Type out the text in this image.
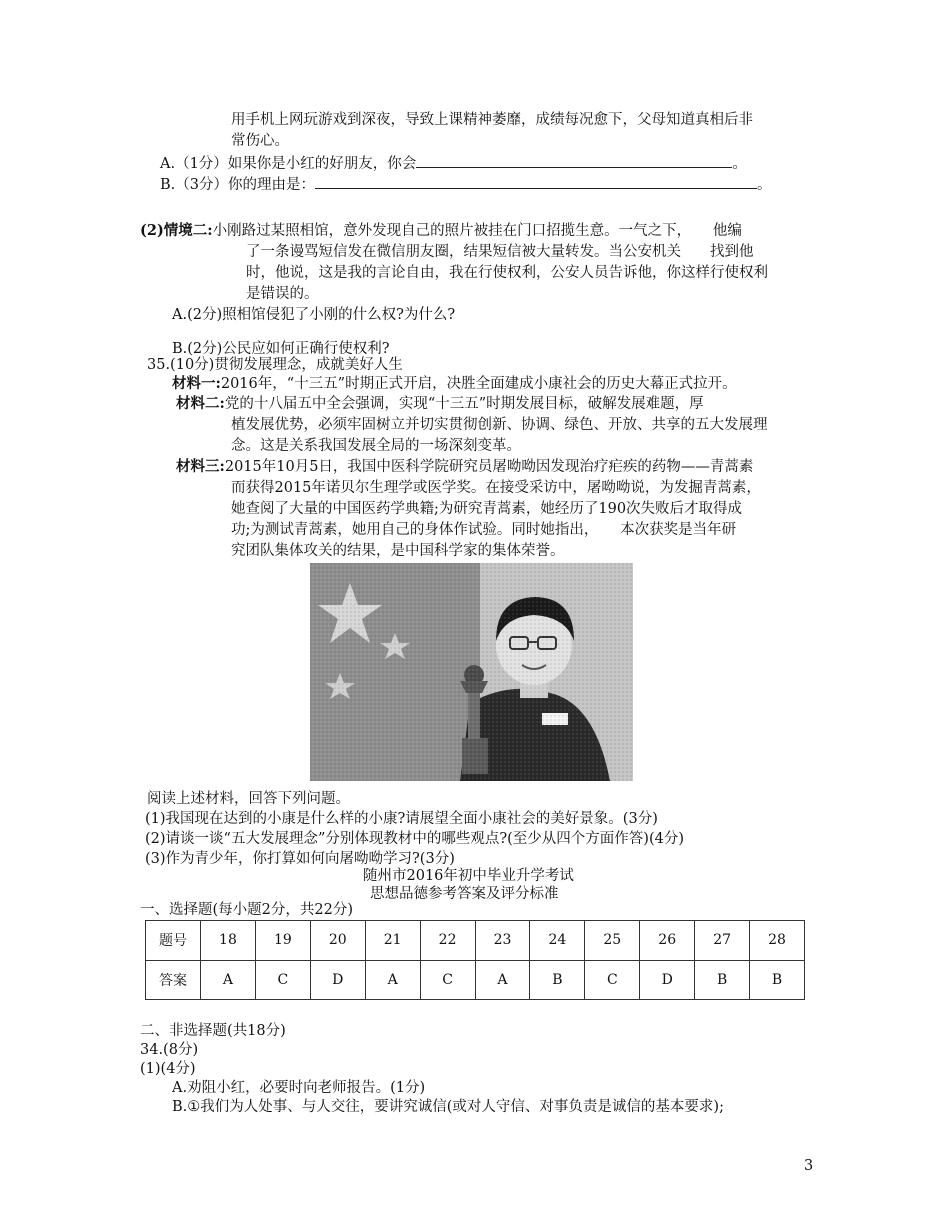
用手机上网玩游戏到深夜，导致上课精神萎靡，成绩每况愈下，父母知道真相后非
常伤心。
A.（1分）如果你是小红的好朋友，你会	。
B.（3分）你的理由是：	。
(2)情境二:小刚路过某照相馆，意外发现自己的照片被挂在门口招揽生意。一气之下，　　他编
了一条谩骂短信发在微信朋友圈，结果短信被大量转发。当公安机关　　找到他
时，他说，这是我的言论自由，我在行使权利，公安人员告诉他，你这样行使权利
是错误的。
A.(2分)照相馆侵犯了小刚的什么权?为什么?
B.(2分)公民应如何正确行使权利?
35.(10分)贯彻发展理念，成就美好人生
材料一:2016年，“十三五”时期正式开启，决胜全面建成小康社会的历史大幕正式拉开。
材料二:党的十八届五中全会强调，实现“十三五”时期发展目标，破解发展难题，厚
植发展优势，必须牢固树立并切实贯彻创新、协调、绿色、开放、共享的五大发展理
念。这是关系我国发展全局的一场深刻变革。
材料三:2015年10月5日，我国中医科学院研究员屠呦呦因发现治疗疟疾的药物——青蒿素
而获得2015年诺贝尔生理学或医学奖。在接受采访中，屠呦呦说，为发掘青蒿素，
她查阅了大量的中国医药学典籍;为研究青蒿素，她经历了190次失败后才取得成
功;为测试青蒿素，她用自己的身体作试验。同时她指出，　　本次获奖是当年研
阅读上述材料，回答下列问题。
(1)我国现在达到的小康是什么样的小康?请展望全面小康社会的美好景象。(3分)
(2)请谈一谈“五大发展理念”分别体现教材中的哪些观点?(至少从四个方面作答)(4分)
(3)作为青少年，你打算如何向屠呦呦学习?(3分)
随州市2016年初中毕业升学考试
思想品德参考答案及评分标准
一、选择题(每小题2分，共22分)
题号	18	19	20	21	22	23	24	25	26	27	28
答案	A	C	D	A	C	A	B	C	D	B	B
二、非选择题(共18分)
34.(8分)
(1)(4分)
A.劝阻小红，必要时向老师报告。(1分)
B.①我们为人处事、与人交往，要讲究诚信(或对人守信、对事负责是诚信的基本要求);
3
究团队集体攻关的结果，是中国科学家的集体荣誉。
